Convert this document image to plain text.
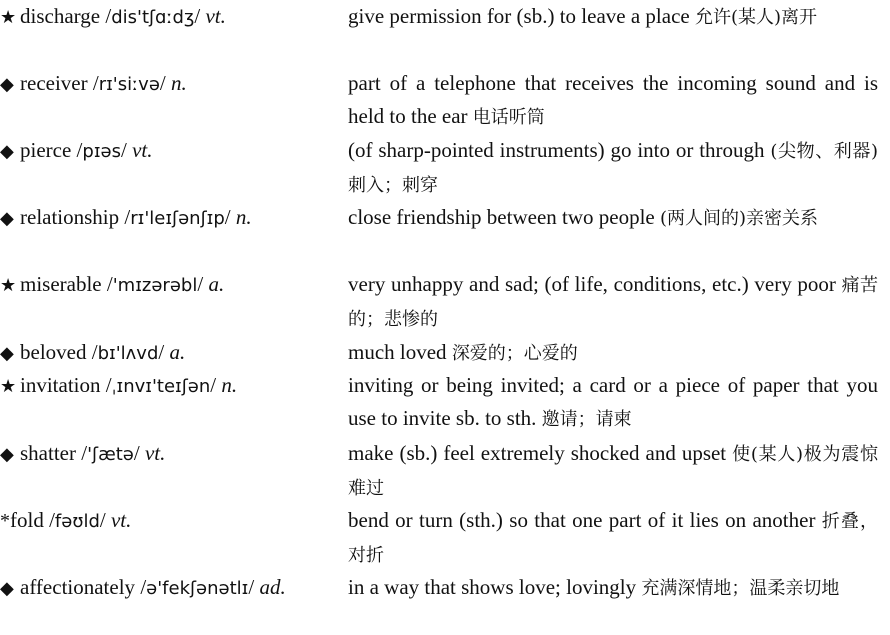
★ discharge /dis'tʃɑːdʒ/ vt.	give permission for (sb.) to leave a place 允许(某人)离开
◆ receiver /rɪ'siːvə/ n.	part of a telephone that receives the incoming sound and is held to the ear 电话听筒
◆ pierce /pɪəs/ vt.	(of sharp-pointed instruments) go into or through (尖物、利器)刺入；刺穿
◆ relationship /rɪ'leɪʃənʃɪp/ n.	close friendship between two people (两人间的)亲密关系
★ miserable /'mɪzərəbl/ a.	very unhappy and sad; (of life, conditions, etc.) very poor 痛苦的；悲惨的
◆ beloved /bɪ'lʌvd/ a.	much loved 深爱的；心爱的
★ invitation /ˌɪnvɪ'teɪʃən/ n.	inviting or being invited; a card or a piece of paper that you use to invite sb. to sth. 邀请；请柬
◆ shatter /'ʃætə/ vt.	make (sb.) feel extremely shocked and upset 使(某人)极为震惊难过
*fold /fəʊld/ vt.	bend or turn (sth.) so that one part of it lies on another 折叠，对折
◆ affectionately /ə'fekʃənətlɪ/ ad.	in a way that shows love; lovingly 充满深情地；温柔亲切地
